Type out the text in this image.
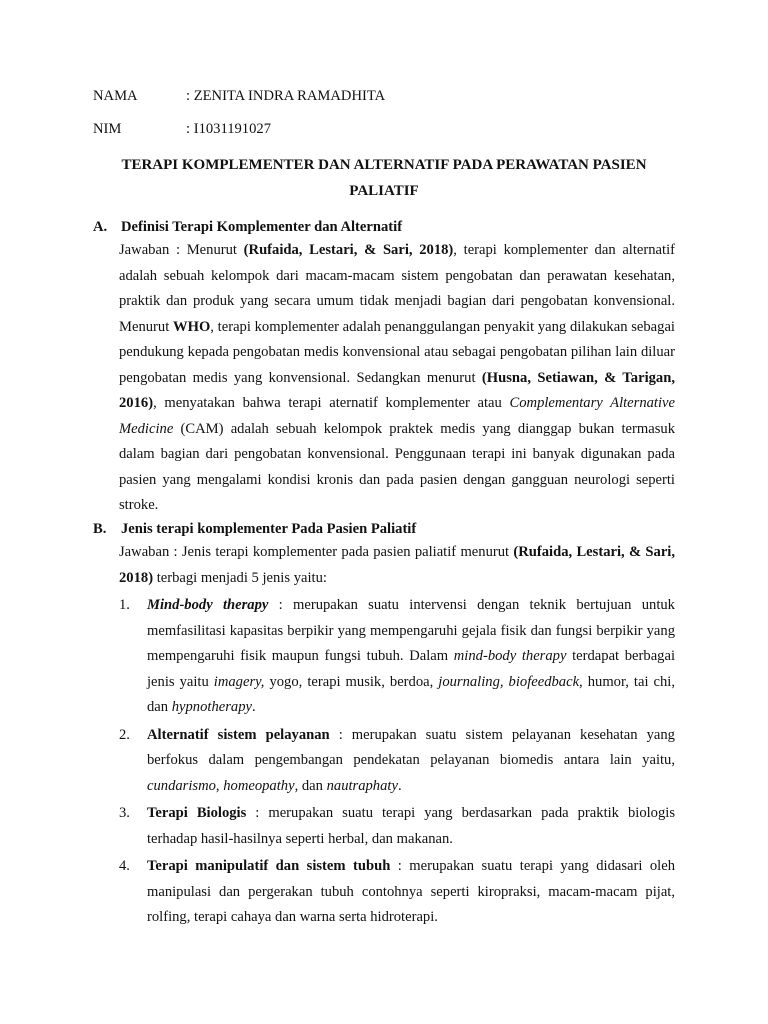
NAMA	: ZENITA INDRA RAMADHITA
NIM	: I1031191027
TERAPI KOMPLEMENTER DAN ALTERNATIF PADA PERAWATAN PASIEN PALIATIF
A. Definisi Terapi Komplementer dan Alternatif
Jawaban : Menurut (Rufaida, Lestari, & Sari, 2018), terapi komplementer dan alternatif adalah sebuah kelompok dari macam-macam sistem pengobatan dan perawatan kesehatan, praktik dan produk yang secara umum tidak menjadi bagian dari pengobatan konvensional. Menurut WHO, terapi komplementer adalah penanggulangan penyakit yang dilakukan sebagai pendukung kepada pengobatan medis konvensional atau sebagai pengobatan pilihan lain diluar pengobatan medis yang konvensional. Sedangkan menurut (Husna, Setiawan, & Tarigan, 2016), menyatakan bahwa terapi aternatif komplementer atau Complementary Alternative Medicine (CAM) adalah sebuah kelompok praktek medis yang dianggap bukan termasuk dalam bagian dari pengobatan konvensional. Penggunaan terapi ini banyak digunakan pada pasien yang mengalami kondisi kronis dan pada pasien dengan gangguan neurologi seperti stroke.
B. Jenis terapi komplementer Pada Pasien Paliatif
Jawaban : Jenis terapi komplementer pada pasien paliatif menurut (Rufaida, Lestari, & Sari, 2018) terbagi menjadi 5 jenis yaitu:
1. Mind-body therapy : merupakan suatu intervensi dengan teknik bertujuan untuk memfasilitasi kapasitas berpikir yang mempengaruhi gejala fisik dan fungsi berpikir yang mempengaruhi fisik maupun fungsi tubuh. Dalam mind-body therapy terdapat berbagai jenis yaitu imagery, yogo, terapi musik, berdoa, journaling, biofeedback, humor, tai chi, dan hypnotherapy.
2. Alternatif sistem pelayanan : merupakan suatu sistem pelayanan kesehatan yang berfokus dalam pengembangan pendekatan pelayanan biomedis antara lain yaitu, cundarismo, homeopathy, dan nautraphaty.
3. Terapi Biologis : merupakan suatu terapi yang berdasarkan pada praktik biologis terhadap hasil-hasilnya seperti herbal, dan makanan.
4. Terapi manipulatif dan sistem tubuh : merupakan suatu terapi yang didasari oleh manipulasi dan pergerakan tubuh contohnya seperti kiropraksi, macam-macam pijat, rolfing, terapi cahaya dan warna serta hidroterapi.
